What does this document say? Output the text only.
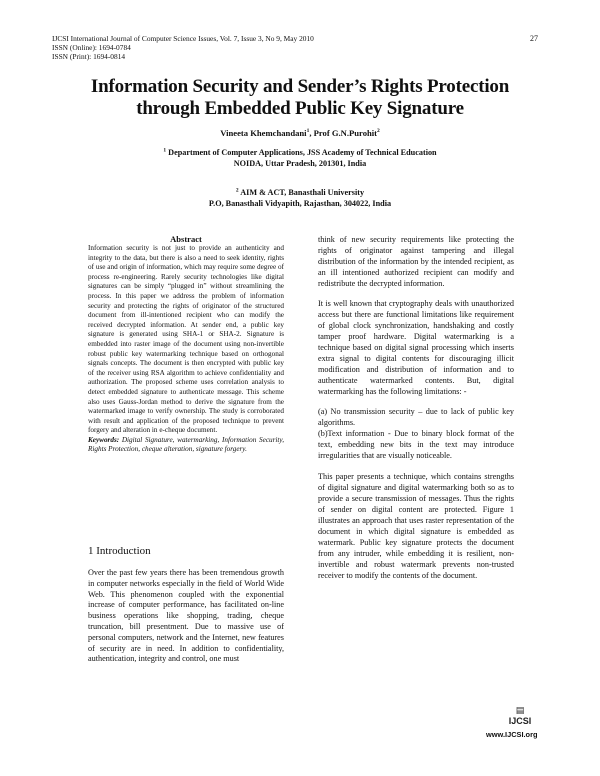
IJCSI International Journal of Computer Science Issues, Vol. 7, Issue 3, No 9, May 2010
ISSN (Online): 1694-0784
ISSN (Print): 1694-0814
27
Information Security and Sender’s Rights Protection
through Embedded Public Key Signature
Vineeta Khemchandani$^1$, Prof G.N.Purohit$^2$
$^1$ Department of Computer Applications, JSS Academy of Technical Education
NOIDA, Uttar Pradesh, 201301, India
$^2$ AIM & ACT, Banasthali University
P.O, Banasthali Vidyapith, Rajasthan, 304022, India
Abstract
Information security is not just to provide an authenticity and integrity to the data, but there is also a need to seek identity, rights of use and origin of information, which may require some degree of process re-engineering. Rarely security technologies like digital signatures can be simply “plugged in” without streamlining the process. In this paper we address the problem of information security and protecting the rights of originator of the structured document from ill-intentioned recipient who can modify the received decrypted information. At sender end, a public key signature is generated using SHA-1 or SHA-2. Signature is embedded into raster image of the document using non-invertible robust public key watermarking technique based on orthogonal signals concepts. The document is then encrypted with public key of the receiver using RSA algorithm to achieve confidentiality and authorization. The proposed scheme uses correlation analysis to detect embedded signature to authenticate message. This scheme also uses Gauss-Jordan method to derive the signature from the watermarked image to verify ownership. The study is corroborated with result and application of the proposed technique to prevent forgery and alteration in e-cheque document.
Keywords: Digital Signature, watermarking, Information Security, Rights Protection, cheque alteration, signature forgery.
1 Introduction
Over the past few years there has been tremendous growth in computer networks especially in the field of World Wide Web. This phenomenon coupled with the exponential increase of computer performance, has facilitated on-line business operations like shopping, trading, cheque truncation, bill presentment. Due to massive use of personal computers, network and the Internet, new features of security are in need. In addition to confidentiality, authentication, integrity and control, one must

think of new security requirements like protecting the rights of originator against tampering and illegal distribution of the information by the intended recipient, as an ill intentioned authorized recipient can modify and redistribute the decrypted information.

It is well known that cryptography deals with unauthorized access but there are functional limitations like requirement of global clock synchronization, handshaking and costly tamper proof hardware. Digital watermarking is a technique based on digital signal processing which inserts extra signal to digital contents for discouraging illicit modification and distribution of information and to authenticate watermarked contents. But, digital watermarking has the following limitations: -

(a) No transmission security – due to lack of public key algorithms.

(b)Text information - Due to binary block format of the text, embedding new bits in the text may introduce irregularities that are visually noticeable.

This paper presents a technique, which contains strengths of digital signature and digital watermarking both so as to provide a secure transmission of messages. Thus the rights of sender on digital content are protected. Figure 1 illustrates an approach that uses raster representation of the document in which digital signature is embedded as watermark. Public key signature protects the document from any intruder, while embedding it is resilient, non-invertible and robust watermark prevents non-trusted receiver to modify the contents of the document.

▤
IJCSI
www.IJCSI.org
